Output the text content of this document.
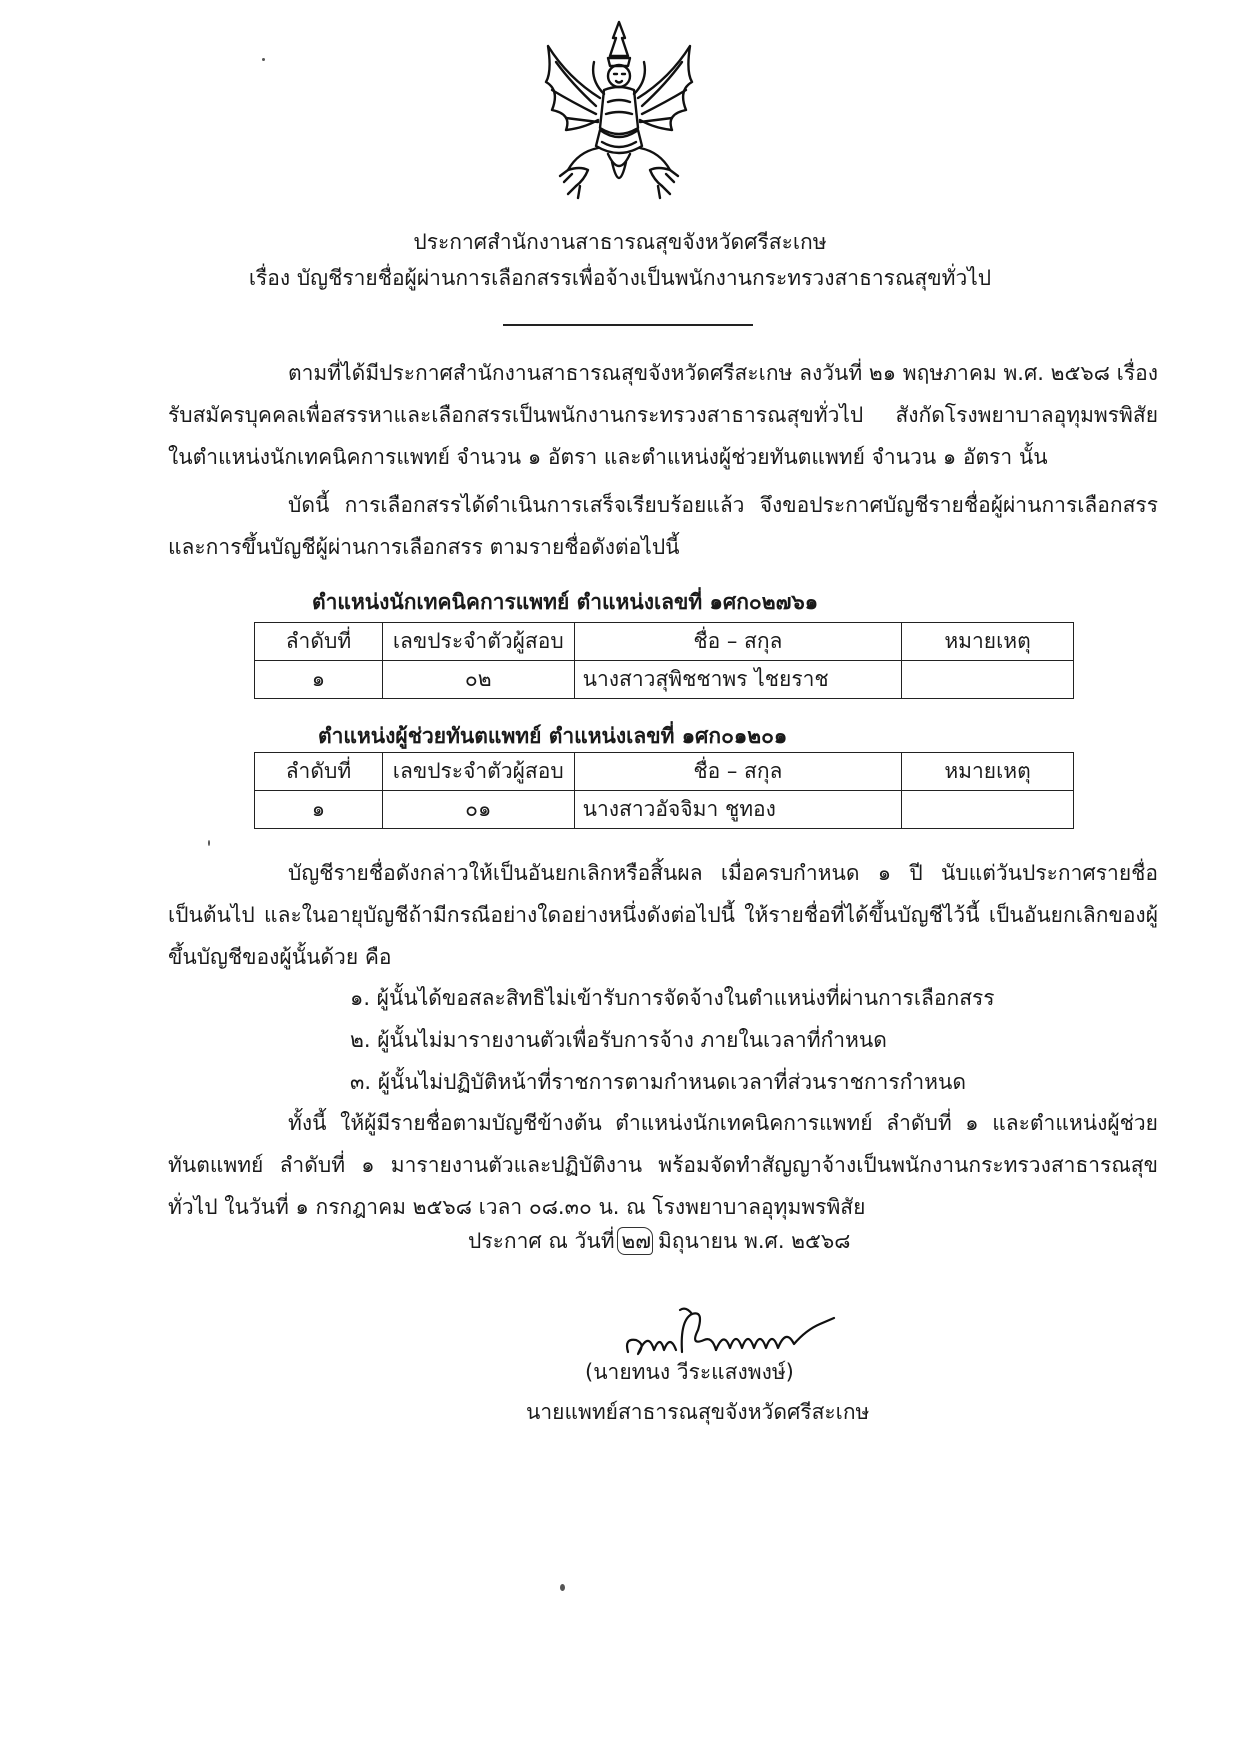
ประกาศสำนักงานสาธารณสุขจังหวัดศรีสะเกษ
เรื่อง บัญชีรายชื่อผู้ผ่านการเลือกสรรเพื่อจ้างเป็นพนักงานกระทรวงสาธารณสุขทั่วไป

ตามที่ได้มีประกาศสำนักงานสาธารณสุขจังหวัดศรีสะเกษ ลงวันที่ ๒๑ พฤษภาคม พ.ศ. ๒๕๖๘ เรื่อง รับสมัครบุคคลเพื่อสรรหาและเลือกสรรเป็นพนักงานกระทรวงสาธารณสุขทั่วไป สังกัดโรงพยาบาลอุทุมพรพิสัย ในตำแหน่งนักเทคนิคการแพทย์ จำนวน ๑ อัตรา และตำแหน่งผู้ช่วยทันตแพทย์ จำนวน ๑ อัตรา นั้น

บัดนี้ การเลือกสรรได้ดำเนินการเสร็จเรียบร้อยแล้ว จึงขอประกาศบัญชีรายชื่อผู้ผ่านการเลือกสรรและการขึ้นบัญชีผู้ผ่านการเลือกสรร ตามรายชื่อดังต่อไปนี้

ตำแหน่งนักเทคนิคการแพทย์ ตำแหน่งเลขที่ ๑ศก๐๒๗๖๑
ลำดับที่	เลขประจำตัวผู้สอบ	ชื่อ – สกุล	หมายเหตุ
๑	๐๒	นางสาวสุพิชชาพร ไชยราช	
ตำแหน่งผู้ช่วยทันตแพทย์ ตำแหน่งเลขที่ ๑ศก๐๑๒๐๑
ลำดับที่	เลขประจำตัวผู้สอบ	ชื่อ – สกุล	หมายเหตุ
๑	๐๑	นางสาวอัจจิมา ชูทอง	

บัญชีรายชื่อดังกล่าวให้เป็นอันยกเลิกหรือสิ้นผล เมื่อครบกำหนด ๑ ปี นับแต่วันประกาศรายชื่อเป็นต้นไป และในอายุบัญชีถ้ามีกรณีอย่างใดอย่างหนึ่งดังต่อไปนี้ ให้รายชื่อที่ได้ขึ้นบัญชีไว้นี้ เป็นอันยกเลิกของผู้ขึ้นบัญชีของผู้นั้นด้วย คือ

๑. ผู้นั้นได้ขอสละสิทธิไม่เข้ารับการจัดจ้างในตำแหน่งที่ผ่านการเลือกสรร
๒. ผู้นั้นไม่มารายงานตัวเพื่อรับการจ้าง ภายในเวลาที่กำหนด
๓. ผู้นั้นไม่ปฏิบัติหน้าที่ราชการตามกำหนดเวลาที่ส่วนราชการกำหนด

ทั้งนี้ ให้ผู้มีรายชื่อตามบัญชีข้างต้น ตำแหน่งนักเทคนิคการแพทย์ ลำดับที่ ๑ และตำแหน่งผู้ช่วยทันตแพทย์ ลำดับที่ ๑ มารายงานตัวและปฏิบัติงาน พร้อมจัดทำสัญญาจ้างเป็นพนักงานกระทรวงสาธารณสุขทั่วไป ในวันที่ ๑ กรกฎาคม ๒๕๖๘ เวลา ๐๘.๓๐ น. ณ โรงพยาบาลอุทุมพรพิสัย

ประกาศ ณ วันที่ ๒๗ มิถุนายน พ.ศ. ๒๕๖๘
(นายทนง วีระแสงพงษ์)
นายแพทย์สาธารณสุขจังหวัดศรีสะเกษ
